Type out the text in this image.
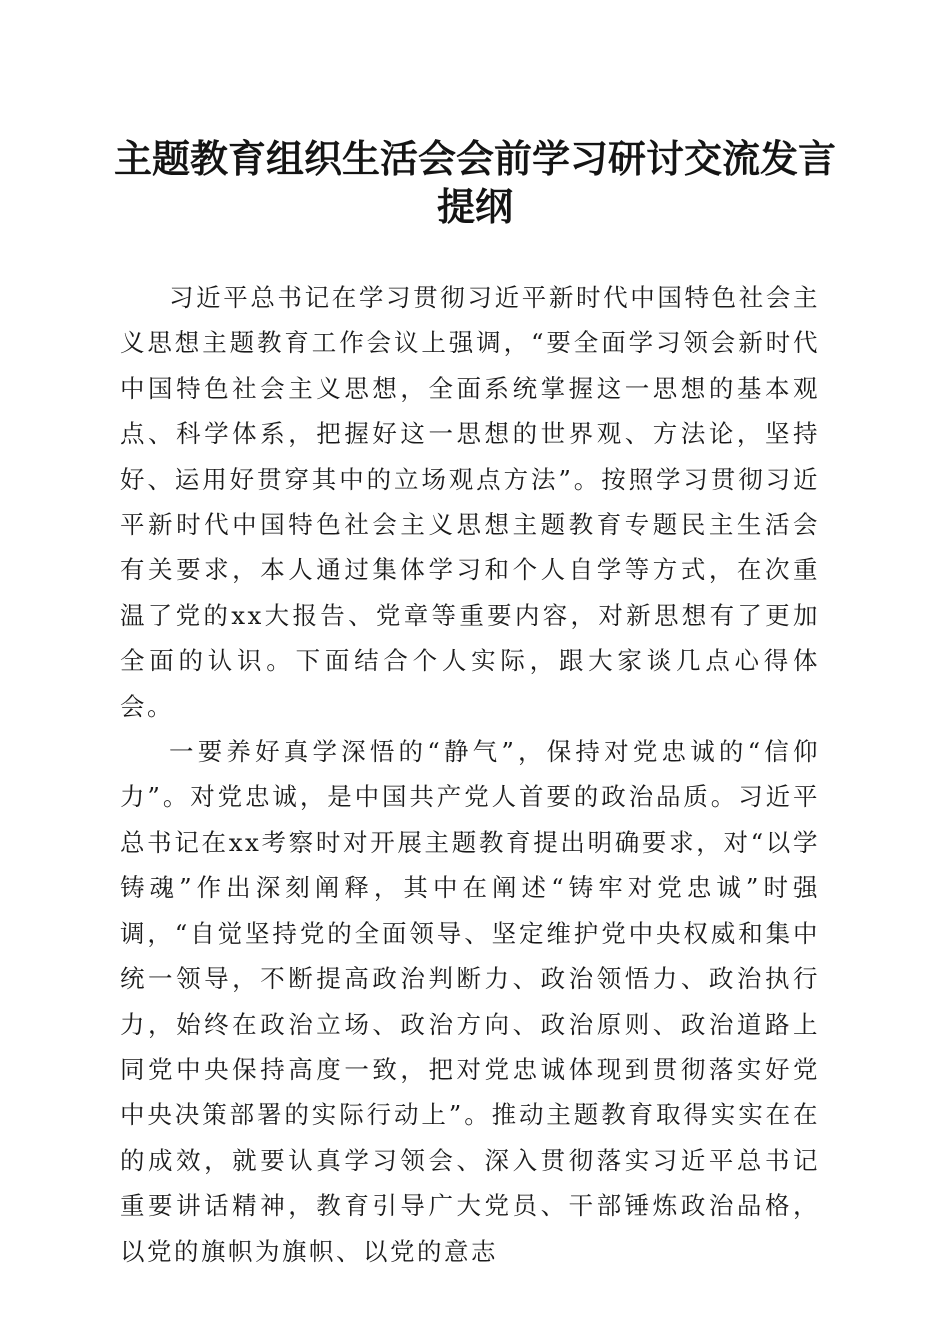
主题教育组织生活会会前学习研讨交流发言提纲

习近平总书记在学习贯彻习近平新时代中国特色社会主义思想主题教育工作会议上强调，“要全面学习领会新时代中国特色社会主义思想，全面系统掌握这一思想的基本观点、科学体系，把握好这一思想的世界观、方法论，坚持好、运用好贯穿其中的立场观点方法”。按照学习贯彻习近平新时代中国特色社会主义思想主题教育专题民主生活会有关要求，本人通过集体学习和个人自学等方式，在次重温了党的xx大报告、党章等重要内容，对新思想有了更加全面的认识。下面结合个人实际，跟大家谈几点心得体会。

一要养好真学深悟的“静气”，保持对党忠诚的“信仰力”。对党忠诚，是中国共产党人首要的政治品质。习近平总书记在xx考察时对开展主题教育提出明确要求，对“以学铸魂”作出深刻阐释，其中在阐述“铸牢对党忠诚”时强调，“自觉坚持党的全面领导、坚定维护党中央权威和集中统一领导，不断提高政治判断力、政治领悟力、政治执行力，始终在政治立场、政治方向、政治原则、政治道路上同党中央保持高度一致，把对党忠诚体现到贯彻落实好党中央决策部署的实际行动上”。推动主题教育取得实实在在的成效，就要认真学习领会、深入贯彻落实习近平总书记重要讲话精神，教育引导广大党员、干部锤炼政治品格，以党的旗帜为旗帜、以党的意志
